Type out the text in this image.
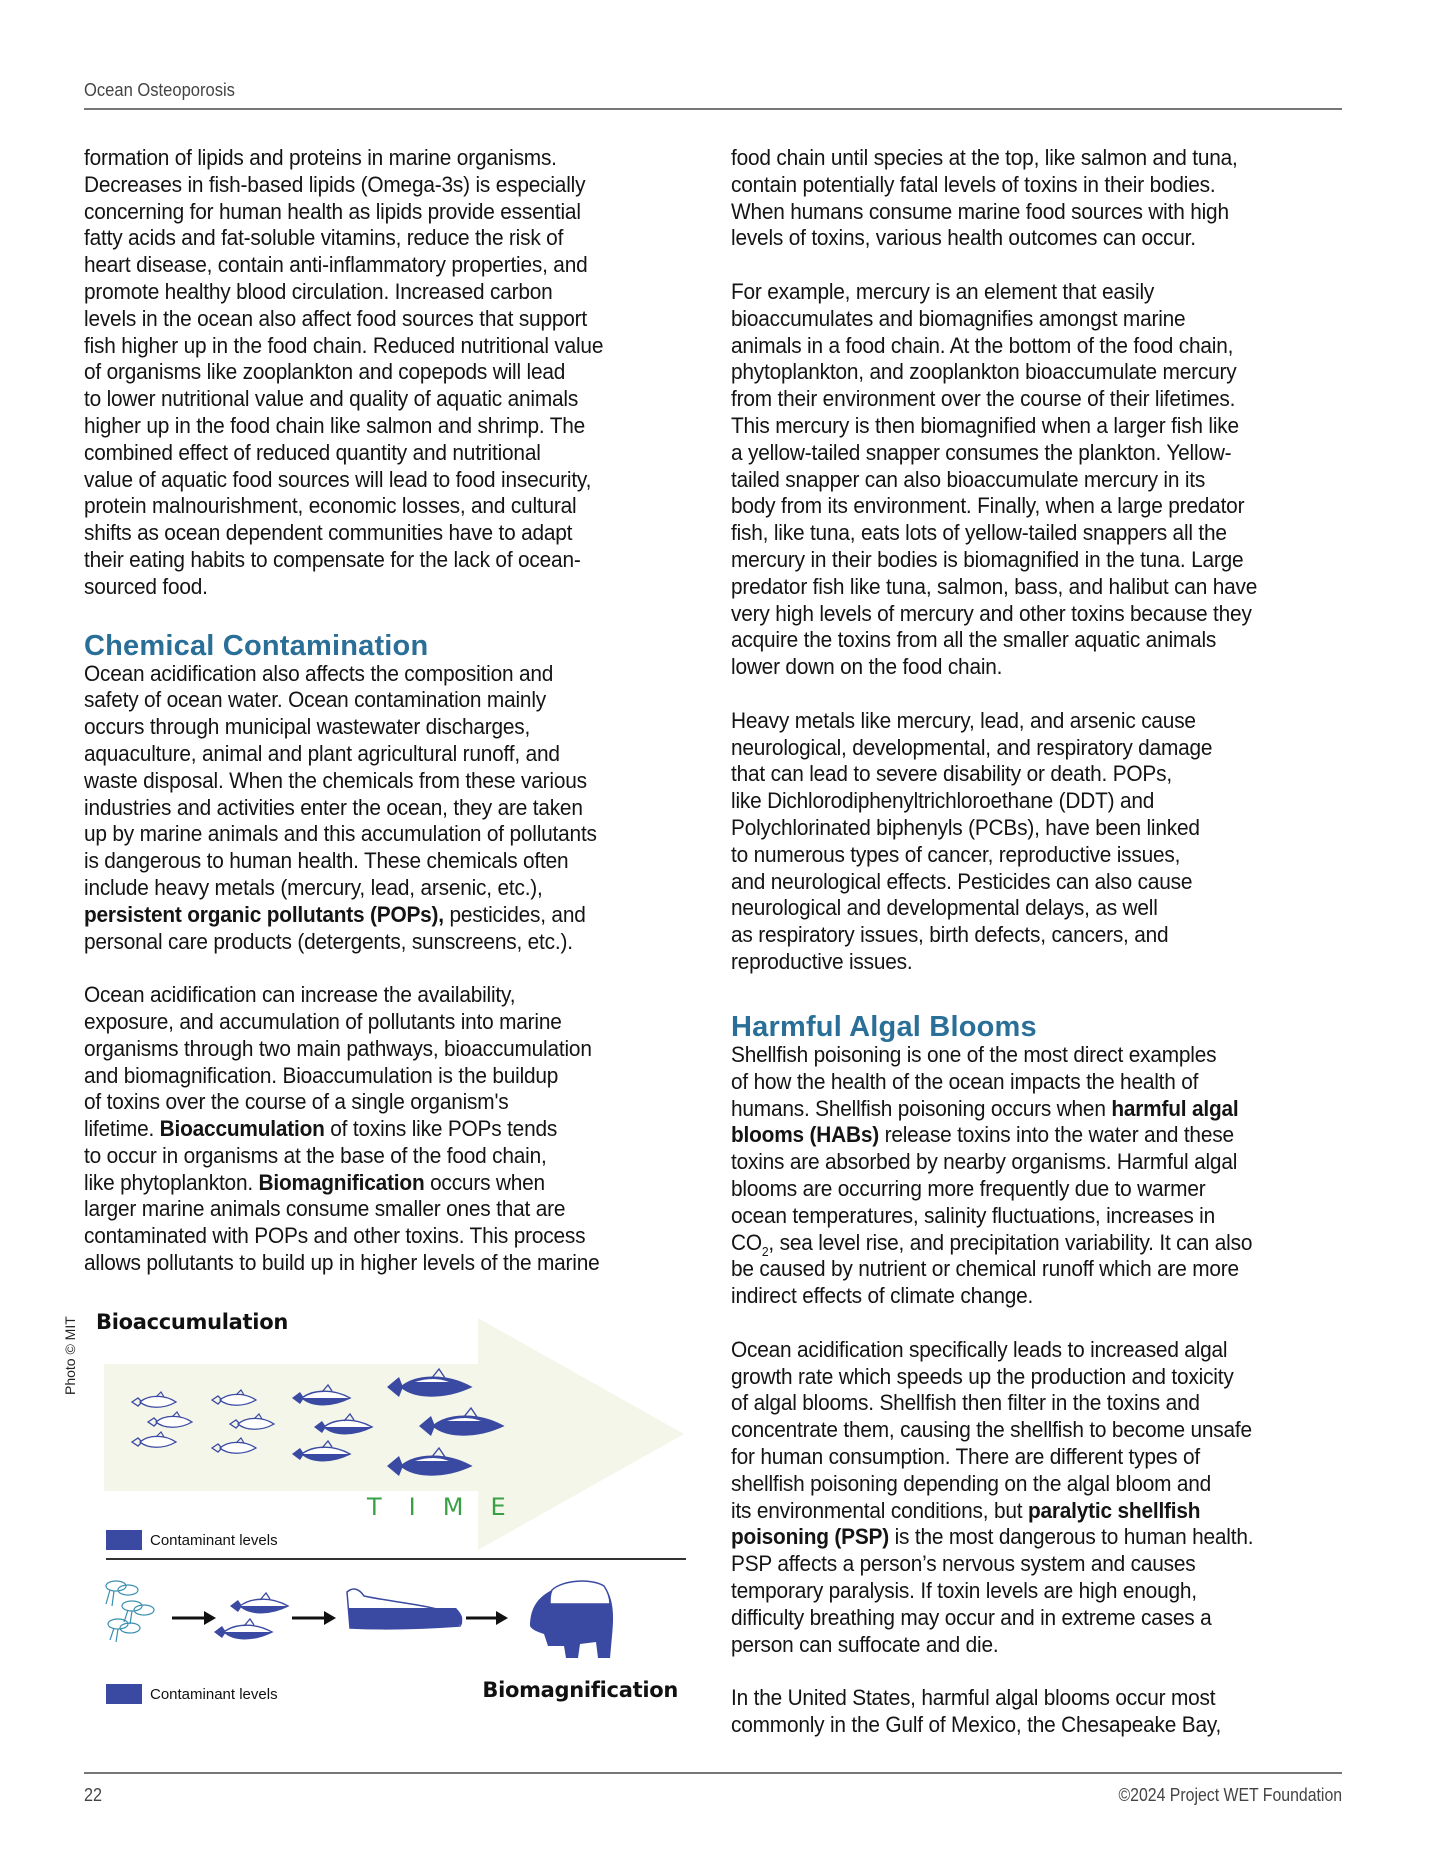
Ocean Osteoporosis
formation of lipids and proteins in marine organisms.
Decreases in fish-based lipids (Omega-3s) is especially
concerning for human health as lipids provide essential
fatty acids and fat-soluble vitamins, reduce the risk of
heart disease, contain anti-inflammatory properties, and
promote healthy blood circulation. Increased carbon
levels in the ocean also affect food sources that support
fish higher up in the food chain. Reduced nutritional value
of organisms like zooplankton and copepods will lead
to lower nutritional value and quality of aquatic animals
higher up in the food chain like salmon and shrimp. The
combined effect of reduced quantity and nutritional
value of aquatic food sources will lead to food insecurity,
protein malnourishment, economic losses, and cultural
shifts as ocean dependent communities have to adapt
their eating habits to compensate for the lack of ocean-
sourced food.
Chemical Contamination
Ocean acidification also affects the composition and
safety of ocean water. Ocean contamination mainly
occurs through municipal wastewater discharges,
aquaculture, animal and plant agricultural runoff, and
waste disposal. When the chemicals from these various
industries and activities enter the ocean, they are taken
up by marine animals and this accumulation of pollutants
is dangerous to human health. These chemicals often
include heavy metals (mercury, lead, arsenic, etc.),
persistent organic pollutants (POPs), pesticides, and
personal care products (detergents, sunscreens, etc.).
Ocean acidification can increase the availability,
exposure, and accumulation of pollutants into marine
organisms through two main pathways, bioaccumulation
and biomagnification. Bioaccumulation is the buildup
of toxins over the course of a single organism's
lifetime. Bioaccumulation of toxins like POPs tends
to occur in organisms at the base of the food chain,
like phytoplankton. Biomagnification occurs when
larger marine animals consume smaller ones that are
contaminated with POPs and other toxins. This process
allows pollutants to build up in higher levels of the marine
Photo © MIT Bioaccumulation
TIME
Contaminant levels
Contaminant levels	Biomagnification
food chain until species at the top, like salmon and tuna,
contain potentially fatal levels of toxins in their bodies.
When humans consume marine food sources with high
levels of toxins, various health outcomes can occur.
For example, mercury is an element that easily
bioaccumulates and biomagnifies amongst marine
animals in a food chain. At the bottom of the food chain,
phytoplankton, and zooplankton bioaccumulate mercury
from their environment over the course of their lifetimes.
This mercury is then biomagnified when a larger fish like
a yellow-tailed snapper consumes the plankton. Yellow-
tailed snapper can also bioaccumulate mercury in its
body from its environment. Finally, when a large predator
fish, like tuna, eats lots of yellow-tailed snappers all the
mercury in their bodies is biomagnified in the tuna. Large
predator fish like tuna, salmon, bass, and halibut can have
very high levels of mercury and other toxins because they
acquire the toxins from all the smaller aquatic animals
lower down on the food chain.
Heavy metals like mercury, lead, and arsenic cause
neurological, developmental, and respiratory damage
that can lead to severe disability or death. POPs,
like Dichlorodiphenyltrichloroethane (DDT) and
Polychlorinated biphenyls (PCBs), have been linked
to numerous types of cancer, reproductive issues,
and neurological effects. Pesticides can also cause
neurological and developmental delays, as well
as respiratory issues, birth defects, cancers, and
reproductive issues.
Harmful Algal Blooms
Shellfish poisoning is one of the most direct examples
of how the health of the ocean impacts the health of
humans. Shellfish poisoning occurs when harmful algal
blooms (HABs) release toxins into the water and these
toxins are absorbed by nearby organisms. Harmful algal
blooms are occurring more frequently due to warmer
ocean temperatures, salinity fluctuations, increases in
$CO_2$, sea level rise, and precipitation variability. It can also
be caused by nutrient or chemical runoff which are more
indirect effects of climate change.
Ocean acidification specifically leads to increased algal
growth rate which speeds up the production and toxicity
of algal blooms. Shellfish then filter in the toxins and
concentrate them, causing the shellfish to become unsafe
for human consumption. There are different types of
shellfish poisoning depending on the algal bloom and
its environmental conditions, but paralytic shellfish
poisoning (PSP) is the most dangerous to human health.
PSP affects a person’s nervous system and causes
temporary paralysis. If toxin levels are high enough,
difficulty breathing may occur and in extreme cases a
person can suffocate and die.
In the United States, harmful algal blooms occur most
commonly in the Gulf of Mexico, the Chesapeake Bay,
22	©2024 Project WET Foundation
